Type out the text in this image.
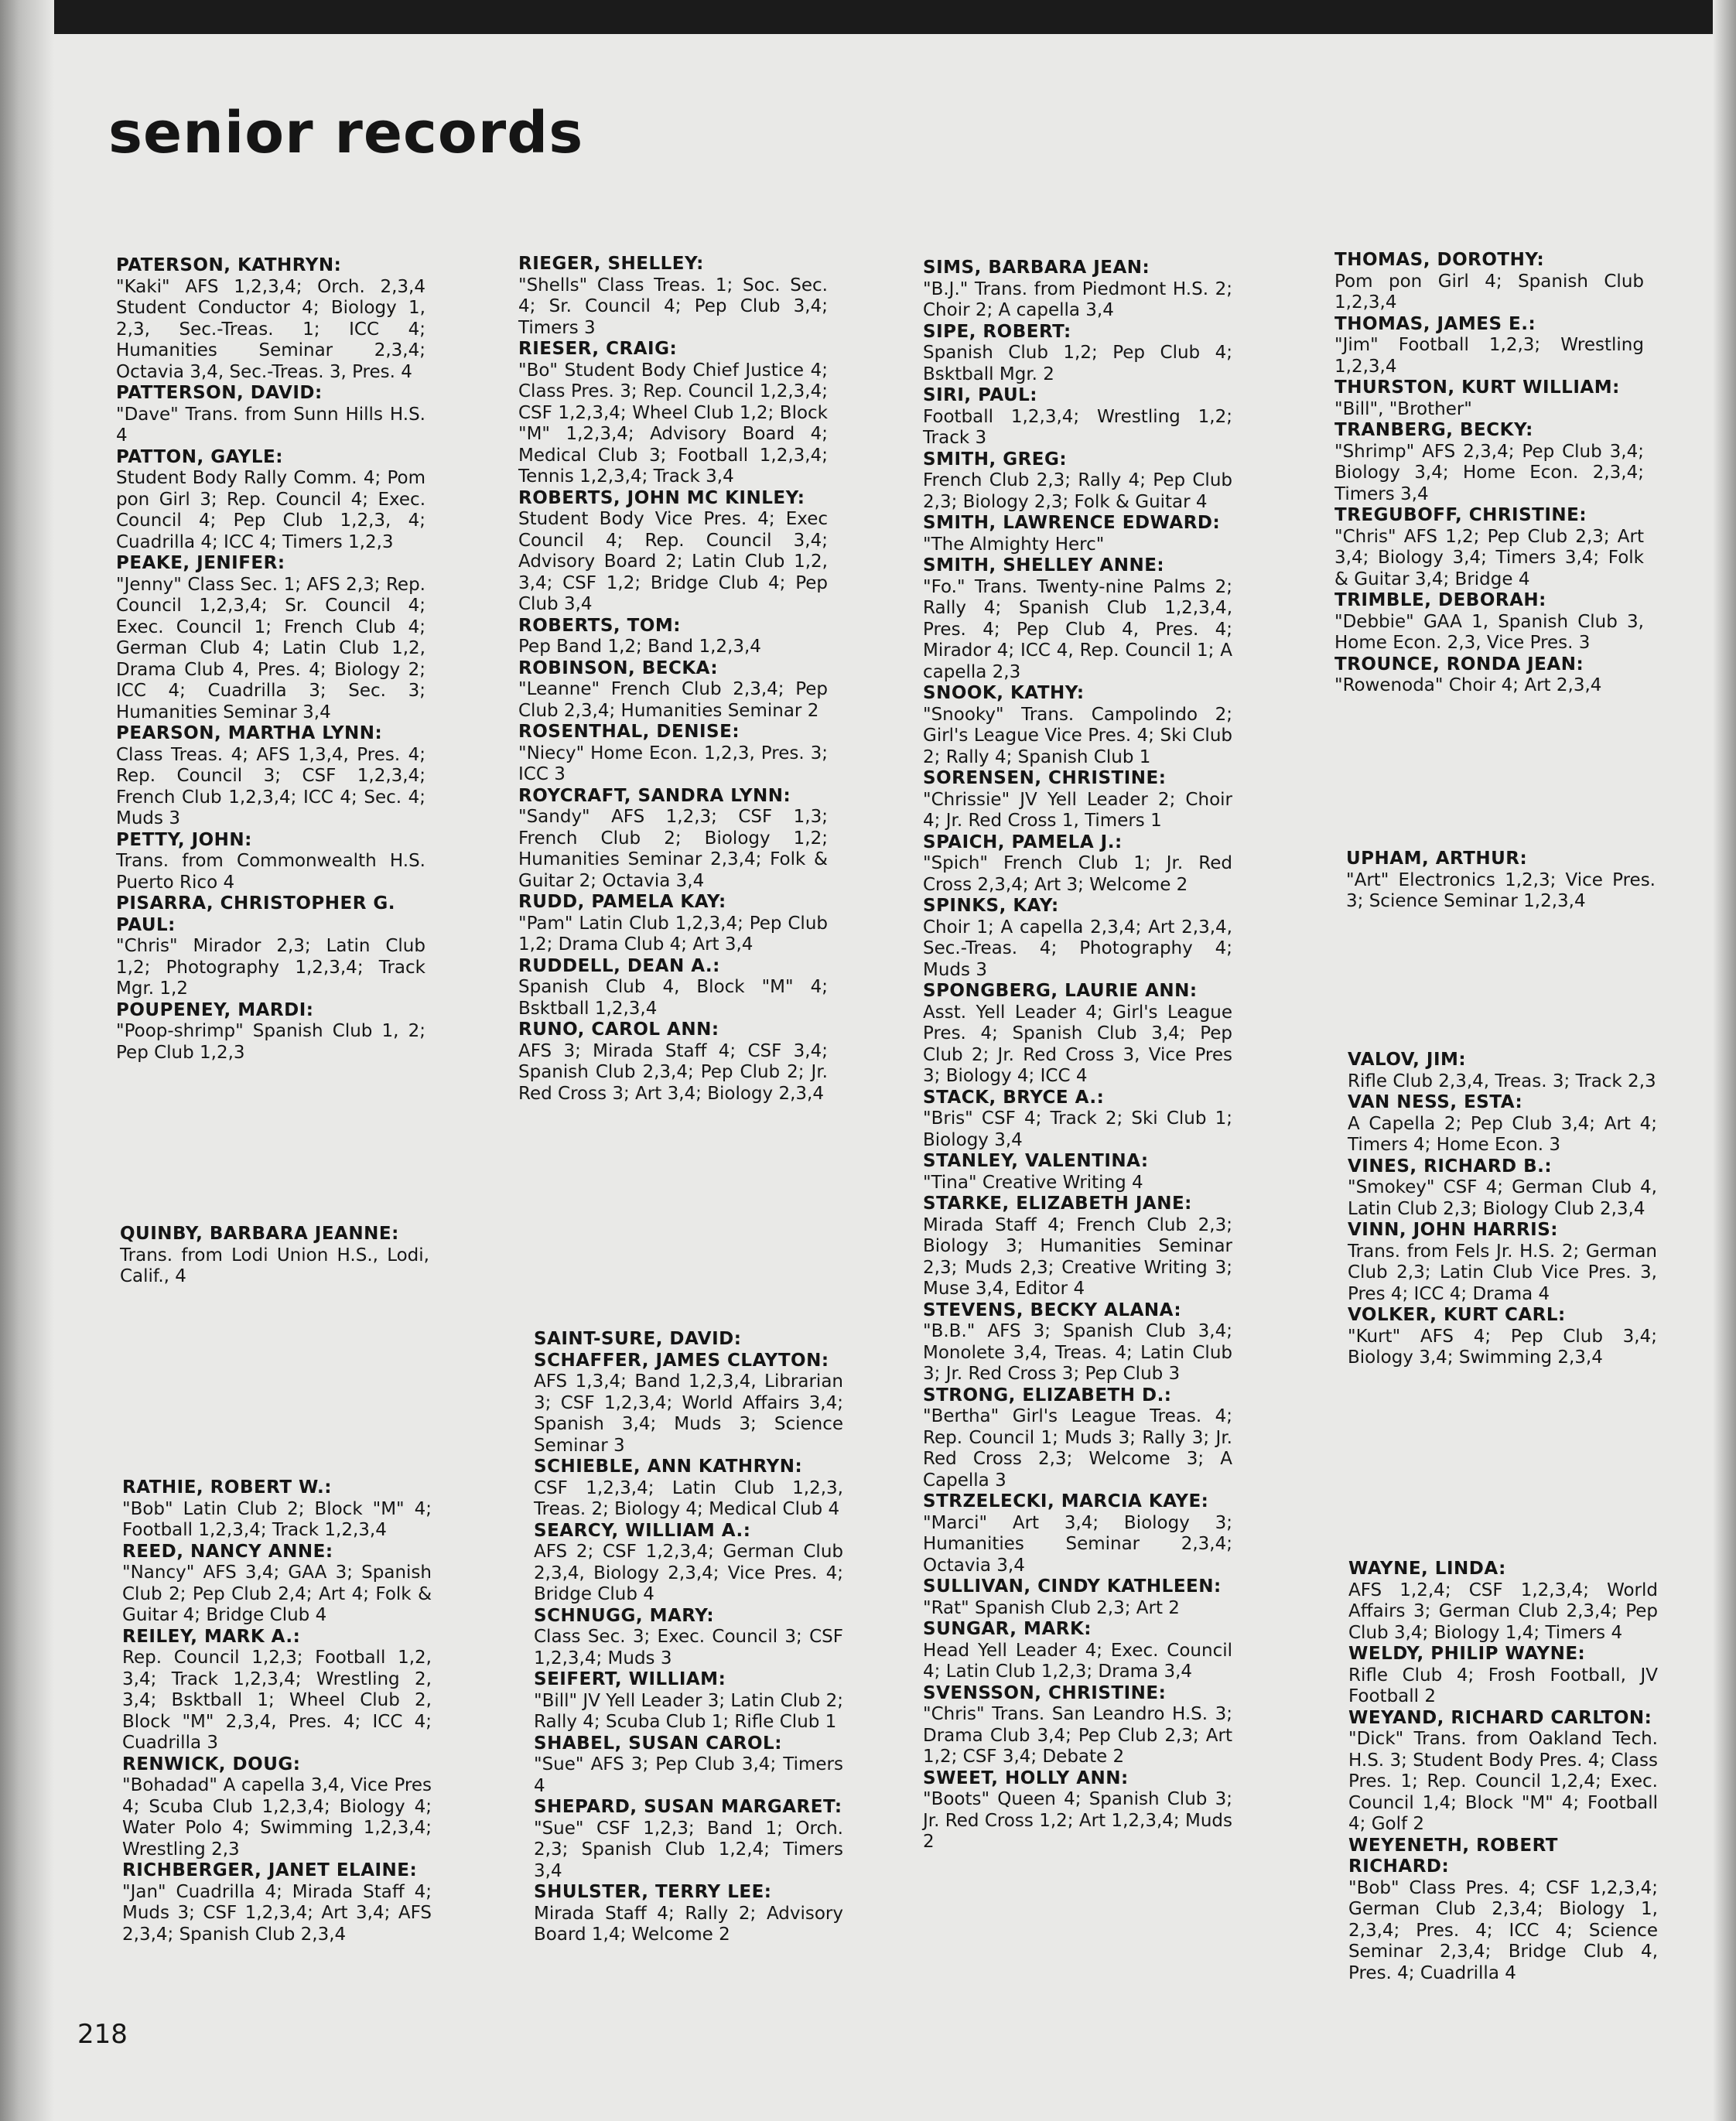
senior records
PATERSON, KATHRYN:
"Kaki" AFS 1,2,3,4; Orch. 2,3,4 Student Conductor 4; Biology 1, 2,3, Sec.-Treas. 1; ICC 4; Humanities Seminar 2,3,4; Octavia 3,4, Sec.-Treas. 3, Pres. 4
PATTERSON, DAVID:
"Dave" Trans. from Sunn Hills H.S. 4
PATTON, GAYLE:
Student Body Rally Comm. 4; Pom pon Girl 3; Rep. Council 4; Exec. Council 4; Pep Club 1,2,3, 4; Cuadrilla 4; ICC 4; Timers 1,2,3
PEAKE, JENIFER:
"Jenny" Class Sec. 1; AFS 2,3; Rep. Council 1,2,3,4; Sr. Council 4; Exec. Council 1; French Club 4; German Club 4; Latin Club 1,2, Drama Club 4, Pres. 4; Biology 2; ICC 4; Cuadrilla 3; Sec. 3; Humanities Seminar 3,4
PEARSON, MARTHA LYNN:
Class Treas. 4; AFS 1,3,4, Pres. 4; Rep. Council 3; CSF 1,2,3,4; French Club 1,2,3,4; ICC 4; Sec. 4; Muds 3
PETTY, JOHN:
Trans. from Commonwealth H.S. Puerto Rico 4
PISARRA, CHRISTOPHER G. PAUL:
"Chris" Mirador 2,3; Latin Club 1,2; Photography 1,2,3,4; Track Mgr. 1,2
POUPENEY, MARDI:
"Poop-shrimp" Spanish Club 1, 2; Pep Club 1,2,3
QUINBY, BARBARA JEANNE:
Trans. from Lodi Union H.S., Lodi, Calif., 4
RATHIE, ROBERT W.:
"Bob" Latin Club 2; Block "M" 4; Football 1,2,3,4; Track 1,2,3,4
REED, NANCY ANNE:
"Nancy" AFS 3,4; GAA 3; Spanish Club 2; Pep Club 2,4; Art 4; Folk & Guitar 4; Bridge Club 4
REILEY, MARK A.:
Rep. Council 1,2,3; Football 1,2, 3,4; Track 1,2,3,4; Wrestling 2, 3,4; Bsktball 1; Wheel Club 2, Block "M" 2,3,4, Pres. 4; ICC 4; Cuadrilla 3
RENWICK, DOUG:
"Bohadad" A capella 3,4, Vice Pres 4; Scuba Club 1,2,3,4; Biology 4; Water Polo 4; Swimming 1,2,3,4; Wrestling 2,3
RICHBERGER, JANET ELAINE:
"Jan" Cuadrilla 4; Mirada Staff 4; Muds 3; CSF 1,2,3,4; Art 3,4; AFS 2,3,4; Spanish Club 2,3,4
RIEGER, SHELLEY:
"Shells" Class Treas. 1; Soc. Sec. 4; Sr. Council 4; Pep Club 3,4; Timers 3
RIESER, CRAIG:
"Bo" Student Body Chief Justice 4; Class Pres. 3; Rep. Council 1,2,3,4; CSF 1,2,3,4; Wheel Club 1,2; Block "M" 1,2,3,4; Advisory Board 4; Medical Club 3; Football 1,2,3,4; Tennis 1,2,3,4; Track 3,4
ROBERTS, JOHN MC KINLEY:
Student Body Vice Pres. 4; Exec Council 4; Rep. Council 3,4; Advisory Board 2; Latin Club 1,2, 3,4; CSF 1,2; Bridge Club 4; Pep Club 3,4
ROBERTS, TOM:
Pep Band 1,2; Band 1,2,3,4
ROBINSON, BECKA:
"Leanne" French Club 2,3,4; Pep Club 2,3,4; Humanities Seminar 2
ROSENTHAL, DENISE:
"Niecy" Home Econ. 1,2,3, Pres. 3; ICC 3
ROYCRAFT, SANDRA LYNN:
"Sandy" AFS 1,2,3; CSF 1,3; French Club 2; Biology 1,2; Humanities Seminar 2,3,4; Folk & Guitar 2; Octavia 3,4
RUDD, PAMELA KAY:
"Pam" Latin Club 1,2,3,4; Pep Club 1,2; Drama Club 4; Art 3,4
RUDDELL, DEAN A.:
Spanish Club 4, Block "M" 4; Bsktball 1,2,3,4
RUNO, CAROL ANN:
AFS 3; Mirada Staff 4; CSF 3,4; Spanish Club 2,3,4; Pep Club 2; Jr. Red Cross 3; Art 3,4; Biology 2,3,4
SAINT-SURE, DAVID:
SCHAFFER, JAMES CLAYTON:
AFS 1,3,4; Band 1,2,3,4, Librarian 3; CSF 1,2,3,4; World Affairs 3,4; Spanish 3,4; Muds 3; Science Seminar 3
SCHIEBLE, ANN KATHRYN:
CSF 1,2,3,4; Latin Club 1,2,3, Treas. 2; Biology 4; Medical Club 4
SEARCY, WILLIAM A.:
AFS 2; CSF 1,2,3,4; German Club 2,3,4, Biology 2,3,4; Vice Pres. 4; Bridge Club 4
SCHNUGG, MARY:
Class Sec. 3; Exec. Council 3; CSF 1,2,3,4; Muds 3
SEIFERT, WILLIAM:
"Bill" JV Yell Leader 3; Latin Club 2; Rally 4; Scuba Club 1; Rifle Club 1
SHABEL, SUSAN CAROL:
"Sue" AFS 3; Pep Club 3,4; Timers 4
SHEPARD, SUSAN MARGARET:
"Sue" CSF 1,2,3; Band 1; Orch. 2,3; Spanish Club 1,2,4; Timers 3,4
SHULSTER, TERRY LEE:
Mirada Staff 4; Rally 2; Advisory Board 1,4; Welcome 2
SIMS, BARBARA JEAN:
"B.J." Trans. from Piedmont H.S. 2; Choir 2; A capella 3,4
SIPE, ROBERT:
Spanish Club 1,2; Pep Club 4; Bsktball Mgr. 2
SIRI, PAUL:
Football 1,2,3,4; Wrestling 1,2; Track 3
SMITH, GREG:
French Club 2,3; Rally 4; Pep Club 2,3; Biology 2,3; Folk & Guitar 4
SMITH, LAWRENCE EDWARD:
"The Almighty Herc"
SMITH, SHELLEY ANNE:
"Fo." Trans. Twenty-nine Palms 2; Rally 4; Spanish Club 1,2,3,4, Pres. 4; Pep Club 4, Pres. 4; Mirador 4; ICC 4, Rep. Council 1; A capella 2,3
SNOOK, KATHY:
"Snooky" Trans. Campolindo 2; Girl's League Vice Pres. 4; Ski Club 2; Rally 4; Spanish Club 1
SORENSEN, CHRISTINE:
"Chrissie" JV Yell Leader 2; Choir 4; Jr. Red Cross 1, Timers 1
SPAICH, PAMELA J.:
"Spich" French Club 1; Jr. Red Cross 2,3,4; Art 3; Welcome 2
SPINKS, KAY:
Choir 1; A capella 2,3,4; Art 2,3,4, Sec.-Treas. 4; Photography 4; Muds 3
SPONGBERG, LAURIE ANN:
Asst. Yell Leader 4; Girl's League Pres. 4; Spanish Club 3,4; Pep Club 2; Jr. Red Cross 3, Vice Pres 3; Biology 4; ICC 4
STACK, BRYCE A.:
"Bris" CSF 4; Track 2; Ski Club 1; Biology 3,4
STANLEY, VALENTINA:
"Tina" Creative Writing 4
STARKE, ELIZABETH JANE:
Mirada Staff 4; French Club 2,3; Biology 3; Humanities Seminar 2,3; Muds 2,3; Creative Writing 3; Muse 3,4, Editor 4
STEVENS, BECKY ALANA:
"B.B." AFS 3; Spanish Club 3,4; Monolete 3,4, Treas. 4; Latin Club 3; Jr. Red Cross 3; Pep Club 3
STRONG, ELIZABETH D.:
"Bertha" Girl's League Treas. 4; Rep. Council 1; Muds 3; Rally 3; Jr. Red Cross 2,3; Welcome 3; A Capella 3
STRZELECKI, MARCIA KAYE:
"Marci" Art 3,4; Biology 3; Humanities Seminar 2,3,4; Octavia 3,4
SULLIVAN, CINDY KATHLEEN:
"Rat" Spanish Club 2,3; Art 2
SUNGAR, MARK:
Head Yell Leader 4; Exec. Council 4; Latin Club 1,2,3; Drama 3,4
SVENSSON, CHRISTINE:
"Chris" Trans. San Leandro H.S. 3; Drama Club 3,4; Pep Club 2,3; Art 1,2; CSF 3,4; Debate 2
SWEET, HOLLY ANN:
"Boots" Queen 4; Spanish Club 3; Jr. Red Cross 1,2; Art 1,2,3,4; Muds 2
THOMAS, DOROTHY:
Pom pon Girl 4; Spanish Club 1,2,3,4
THOMAS, JAMES E.:
"Jim" Football 1,2,3; Wrestling 1,2,3,4
THURSTON, KURT WILLIAM:
"Bill", "Brother"
TRANBERG, BECKY:
"Shrimp" AFS 2,3,4; Pep Club 3,4; Biology 3,4; Home Econ. 2,3,4; Timers 3,4
TREGUBOFF, CHRISTINE:
"Chris" AFS 1,2; Pep Club 2,3; Art 3,4; Biology 3,4; Timers 3,4; Folk & Guitar 3,4; Bridge 4
TRIMBLE, DEBORAH:
"Debbie" GAA 1, Spanish Club 3, Home Econ. 2,3, Vice Pres. 3
TROUNCE, RONDA JEAN:
"Rowenoda" Choir 4; Art 2,3,4
UPHAM, ARTHUR:
"Art" Electronics 1,2,3; Vice Pres. 3; Science Seminar 1,2,3,4
VALOV, JIM:
Rifle Club 2,3,4, Treas. 3; Track 2,3
VAN NESS, ESTA:
A Capella 2; Pep Club 3,4; Art 4; Timers 4; Home Econ. 3
VINES, RICHARD B.:
"Smokey" CSF 4; German Club 4, Latin Club 2,3; Biology Club 2,3,4
VINN, JOHN HARRIS:
Trans. from Fels Jr. H.S. 2; German Club 2,3; Latin Club Vice Pres. 3, Pres 4; ICC 4; Drama 4
VOLKER, KURT CARL:
"Kurt" AFS 4; Pep Club 3,4; Biology 3,4; Swimming 2,3,4
WAYNE, LINDA:
AFS 1,2,4; CSF 1,2,3,4; World Affairs 3; German Club 2,3,4; Pep Club 3,4; Biology 1,4; Timers 4
WELDY, PHILIP WAYNE:
Rifle Club 4; Frosh Football, JV Football 2
WEYAND, RICHARD CARLTON:
"Dick" Trans. from Oakland Tech. H.S. 3; Student Body Pres. 4; Class Pres. 1; Rep. Council 1,2,4; Exec. Council 1,4; Block "M" 4; Football 4; Golf 2
WEYENETH, ROBERT RICHARD:
"Bob" Class Pres. 4; CSF 1,2,3,4; German Club 2,3,4; Biology 1, 2,3,4; Pres. 4; ICC 4; Science Seminar 2,3,4; Bridge Club 4, Pres. 4; Cuadrilla 4
218
